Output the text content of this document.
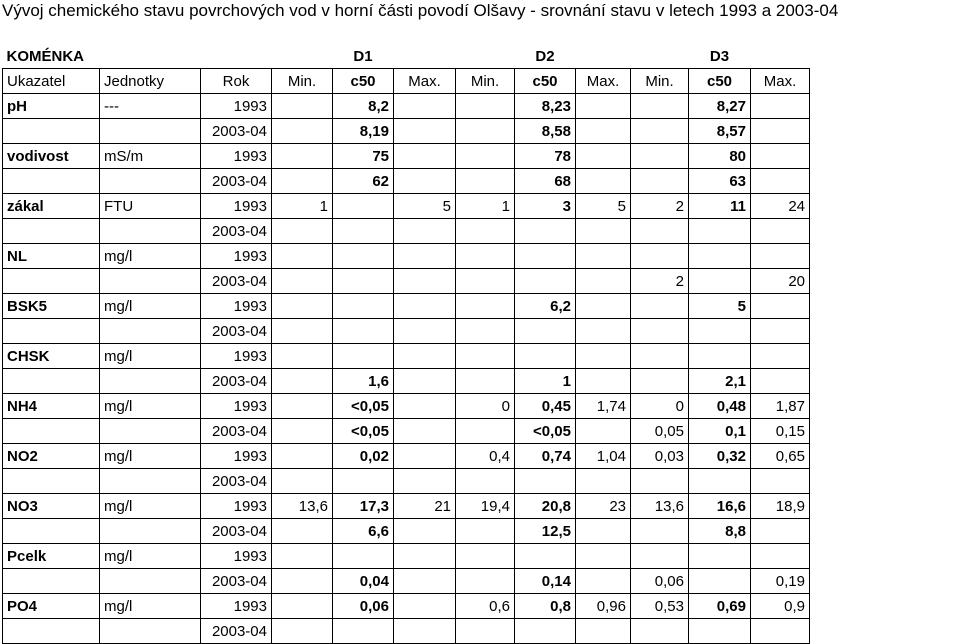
Vývoj chemického stavu povrchových vod v horní části povodí Olšavy - srovnání stavu v letech 1993 a 2003-04
KOMÉNKA				D1			D2			D3	
Ukazatel	Jednotky	Rok	Min.	c50	Max.	Min.	c50	Max.	Min.	c50	Max.
pH	---	1993		8,2			8,23			8,27	
		2003-04		8,19			8,58			8,57	
vodivost	mS/m	1993		75			78			80	
		2003-04		62			68			63	
zákal	FTU	1993	1		5	1	3	5	2	11	24
		2003-04									
NL	mg/l	1993									
		2003-04							2		20
BSK5	mg/l	1993					6,2			5	
		2003-04									
CHSK	mg/l	1993									
		2003-04		1,6			1			2,1	
NH4	mg/l	1993		<0,05		0	0,45	1,74	0	0,48	1,87
		2003-04		<0,05			<0,05		0,05	0,1	0,15
NO2	mg/l	1993		0,02		0,4	0,74	1,04	0,03	0,32	0,65
		2003-04									
NO3	mg/l	1993	13,6	17,3	21	19,4	20,8	23	13,6	16,6	18,9
		2003-04		6,6			12,5			8,8	
Pcelk	mg/l	1993									
		2003-04		0,04			0,14		0,06		0,19
PO4	mg/l	1993		0,06		0,6	0,8	0,96	0,53	0,69	0,9
		2003-04									
